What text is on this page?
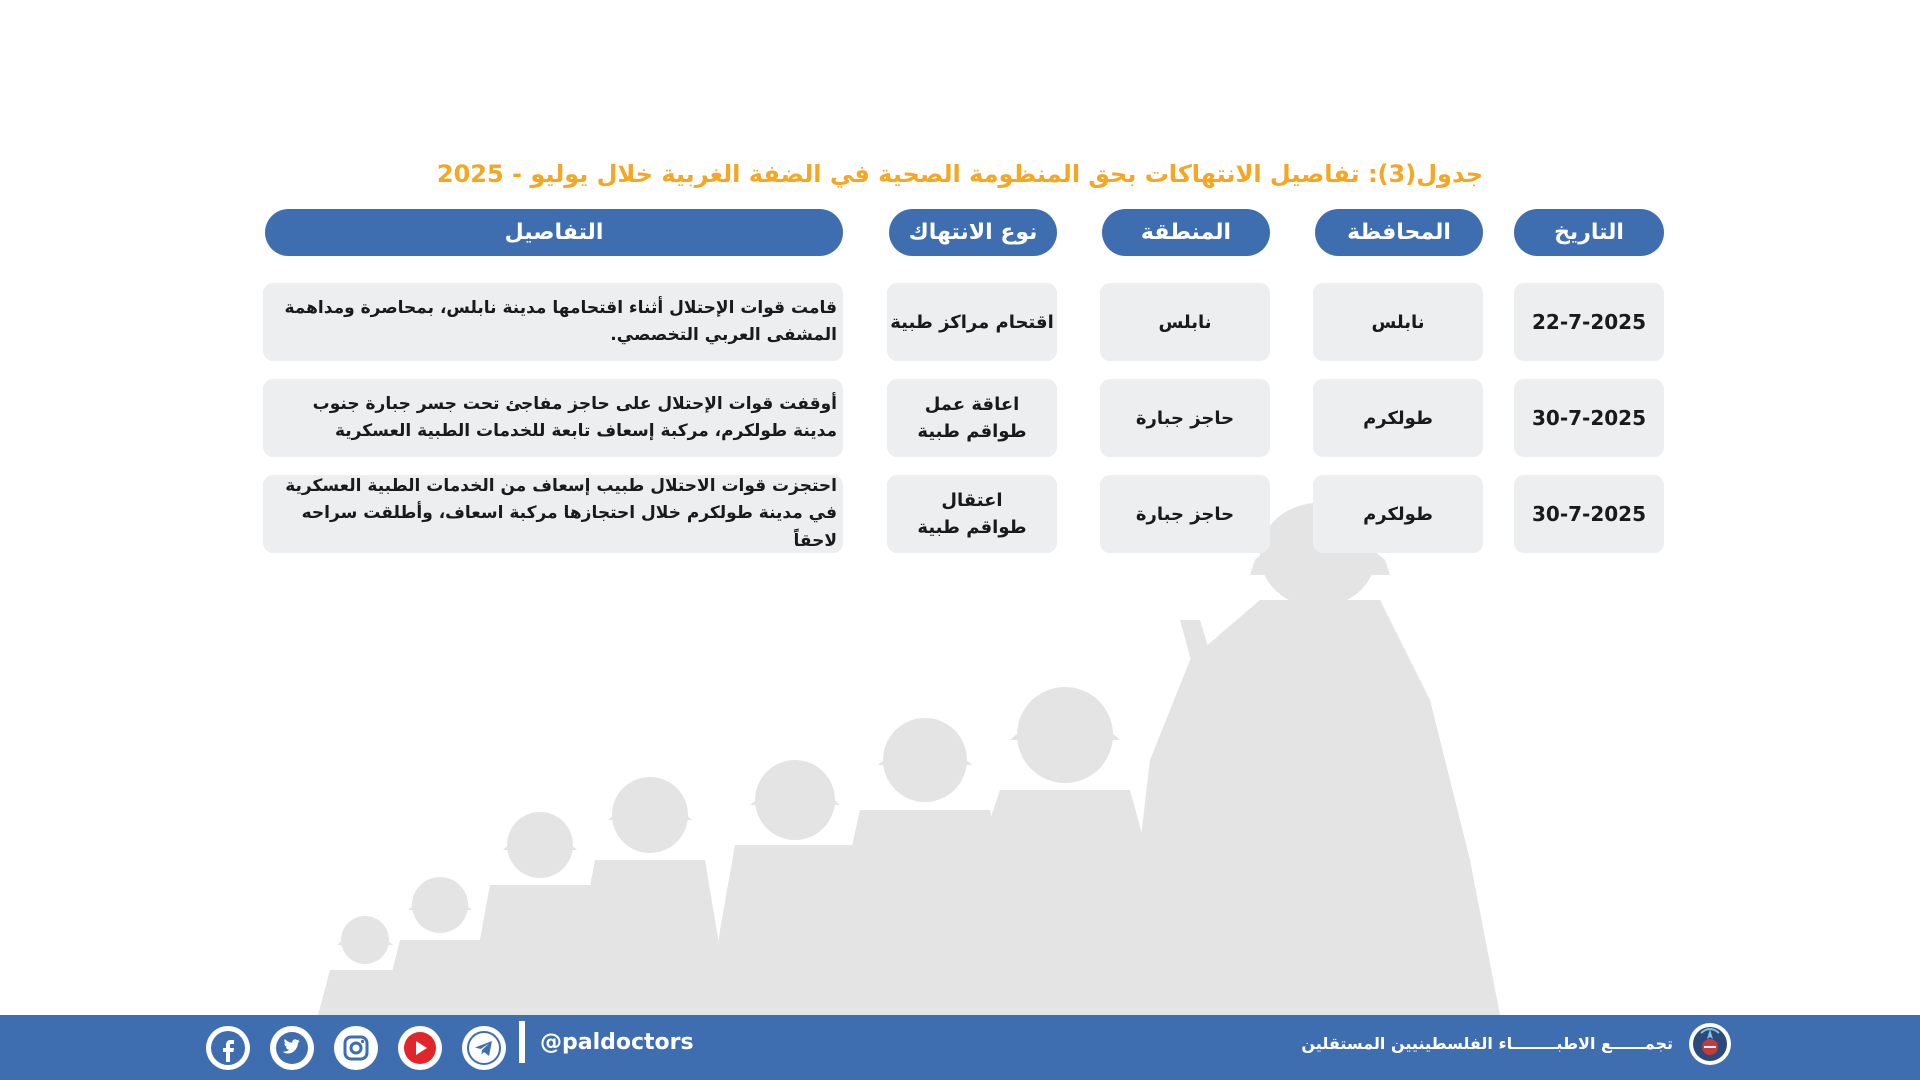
جدول(3): تفاصيل الانتهاكات بحق المنظومة الصحية في الضفة الغربية خلال يوليو - 2025
التاريخ
المحافظة
المنطقة
نوع الانتهاك
التفاصيل
22-7-2025
نابلس
نابلس
اقتحام مراكز طبية
قامت قوات الإحتلال أثناء اقتحامها مدينة نابلس، بمحاصرة ومداهمة المشفى العربي التخصصي.
30-7-2025
طولكرم
حاجز جبارة
اعاقة عمل طواقم طبية
أوقفت قوات الإحتلال على حاجز مفاجئ تحت جسر جبارة جنوب مدينة طولكرم، مركبة إسعاف تابعة للخدمات الطبية العسكرية
30-7-2025
طولكرم
حاجز جبارة
اعتقال طواقم طبية
احتجزت قوات الاحتلال طبيب إسعاف من الخدمات الطبية العسكرية في مدينة طولكرم خلال احتجازها مركبة اسعاف، وأطلقت سراحه لاحقاً
@paldoctors	تجمــــــع الاطبــــــــاء الفلسطينيين المستقلين
